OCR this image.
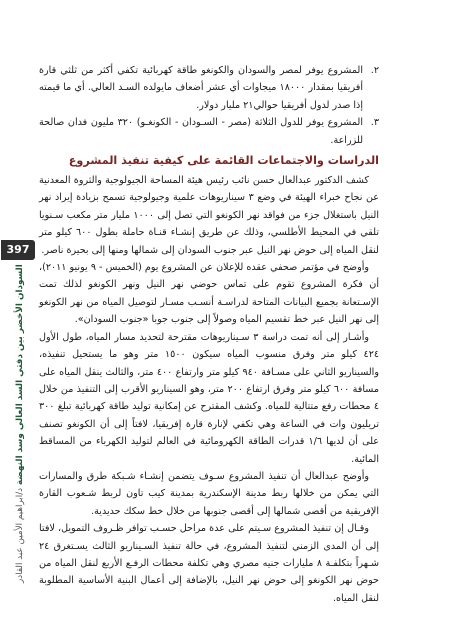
٢.
المشروع يوفر لمصر والسودان والكونغو طاقة كهربائية تكفي أكثر من ثلثي قارة أفريقيا بمقدار ١٨٠٠٠ ميجاوات أي عشر أضعاف مايولده السـد العالي. أي ما قيمته إذا صدر لدول أفريقيا حوالي٢١ مليار دولار.
٣.
المشروع يوفر للدول الثلاثة (مصر - السـودان - الكونغـو) ٣٢٠ مليون فدان صالحة للزراعة.
الدراسات والاجتماعات القائمة على كيفية تنفيذ المشروع

كشف الدكتور عبدالعال حسن نائب رئيس هيئة المساحة الجيولوجية والثروة المعدنية عن نجاح خبراء الهيئة في وضع ٣ سيناريوهات علمية وجيولوجية تسمح بزيادة إيراد نهر النيل باستغلال جزء من فواقد نهر الكونغو التي تصل إلى ١٠٠٠ مليار متر مكعب سـنويا تلقي في المحيط الأطلسي، وذلك عن طريق إنشـاء قنـاة حاملة بطول ٦٠٠ كيلو متر لنقل المياه إلى حوض نهر النيل عبر جنوب السودان إلى شمالها ومنها إلى بحيرة ناصر.

وأوضح في مؤتمر صحفي عقده للإعلان عن المشروع يوم (الخميس - ٩ يونيو ٢٠١١)، أن فكرة المشروع تقوم على تماس حوضي نهر النيل ونهر الكونغو لذلك تمت الإسـتعانة بجميع البيانات المتاحة لدراسـة أنسـب مسـار لتوصيل المياه من نهر الكونغو إلى نهر النيل عبر خط تقسيم المياه وصولاً إلى جنوب جوبا «جنوب السودان».

وأشـار إلى أنه تمت دراسة ٣ سـيناريوهات مقترحة لتحديد مسار المياه، طول الأول ٤٢٤ كيلو متر وفرق منسوب المياه سيكون ١٥٠٠ متر وهو ما يستحيل تنفيذه، والسيناريو الثاني على مسـافة ٩٤٠ كيلو متر وارتفاع ٤٠٠ متر، والثالث ينقل المياه على مسافة ٦٠٠ كيلو متر وفرق ارتفاع ٢٠٠ متر، وهو السيناريو الأقرب إلى التنفيذ من خلال ٤ محطات رفع متتالية للمياه. وكشف المقترح عن إمكانية توليد طاقة كهربائية تبلغ ٣٠٠ تريليون وات في الساعة وهي تكفي لإنارة قارة إفريقيا، لافتاً إلى أن الكونغو تصنف على أن لديها ١/٦ قدرات الطاقة الكهرومائية في العالم لتوليد الكهرباء من المساقط المائية.

وأوضح عبدالعال أن تنفيذ المشروع سـوف يتضمن إنشـاء شـبكة طرق والمسارات التي يمكن من خلالها ربط مدينة الإسكندرية بمدينة كيب تاون لربط شـعوب القارة الإفريقية من أقصى شمالها إلى أقصى جنوبها من خلال خط سكك حديدية.

وقـال إن تنفيذ المشروع سـيتم على عدة مراحل حسـب توافر ظـروف التمويل، لافتا إلى أن المدى الزمني لتنفيذ المشروع، في حالة تنفيذ السـيناريو الثالث يسـتغرق ٢٤ شـهراً بتكلفـة ٨ مليارات جنيه مصري وهي تكلفة محطات الرفـع الأربع لنقل المياه من حوض نهر الكونغو إلى حوض نهر النيل، بالإضافة إلى أعمال البنية الأساسية المطلوبة لنقل المياه.

397
السودان الأخضر بين دفتي السد العالي وسد النهضة د/ابراهيم الأمين عبد القادر
